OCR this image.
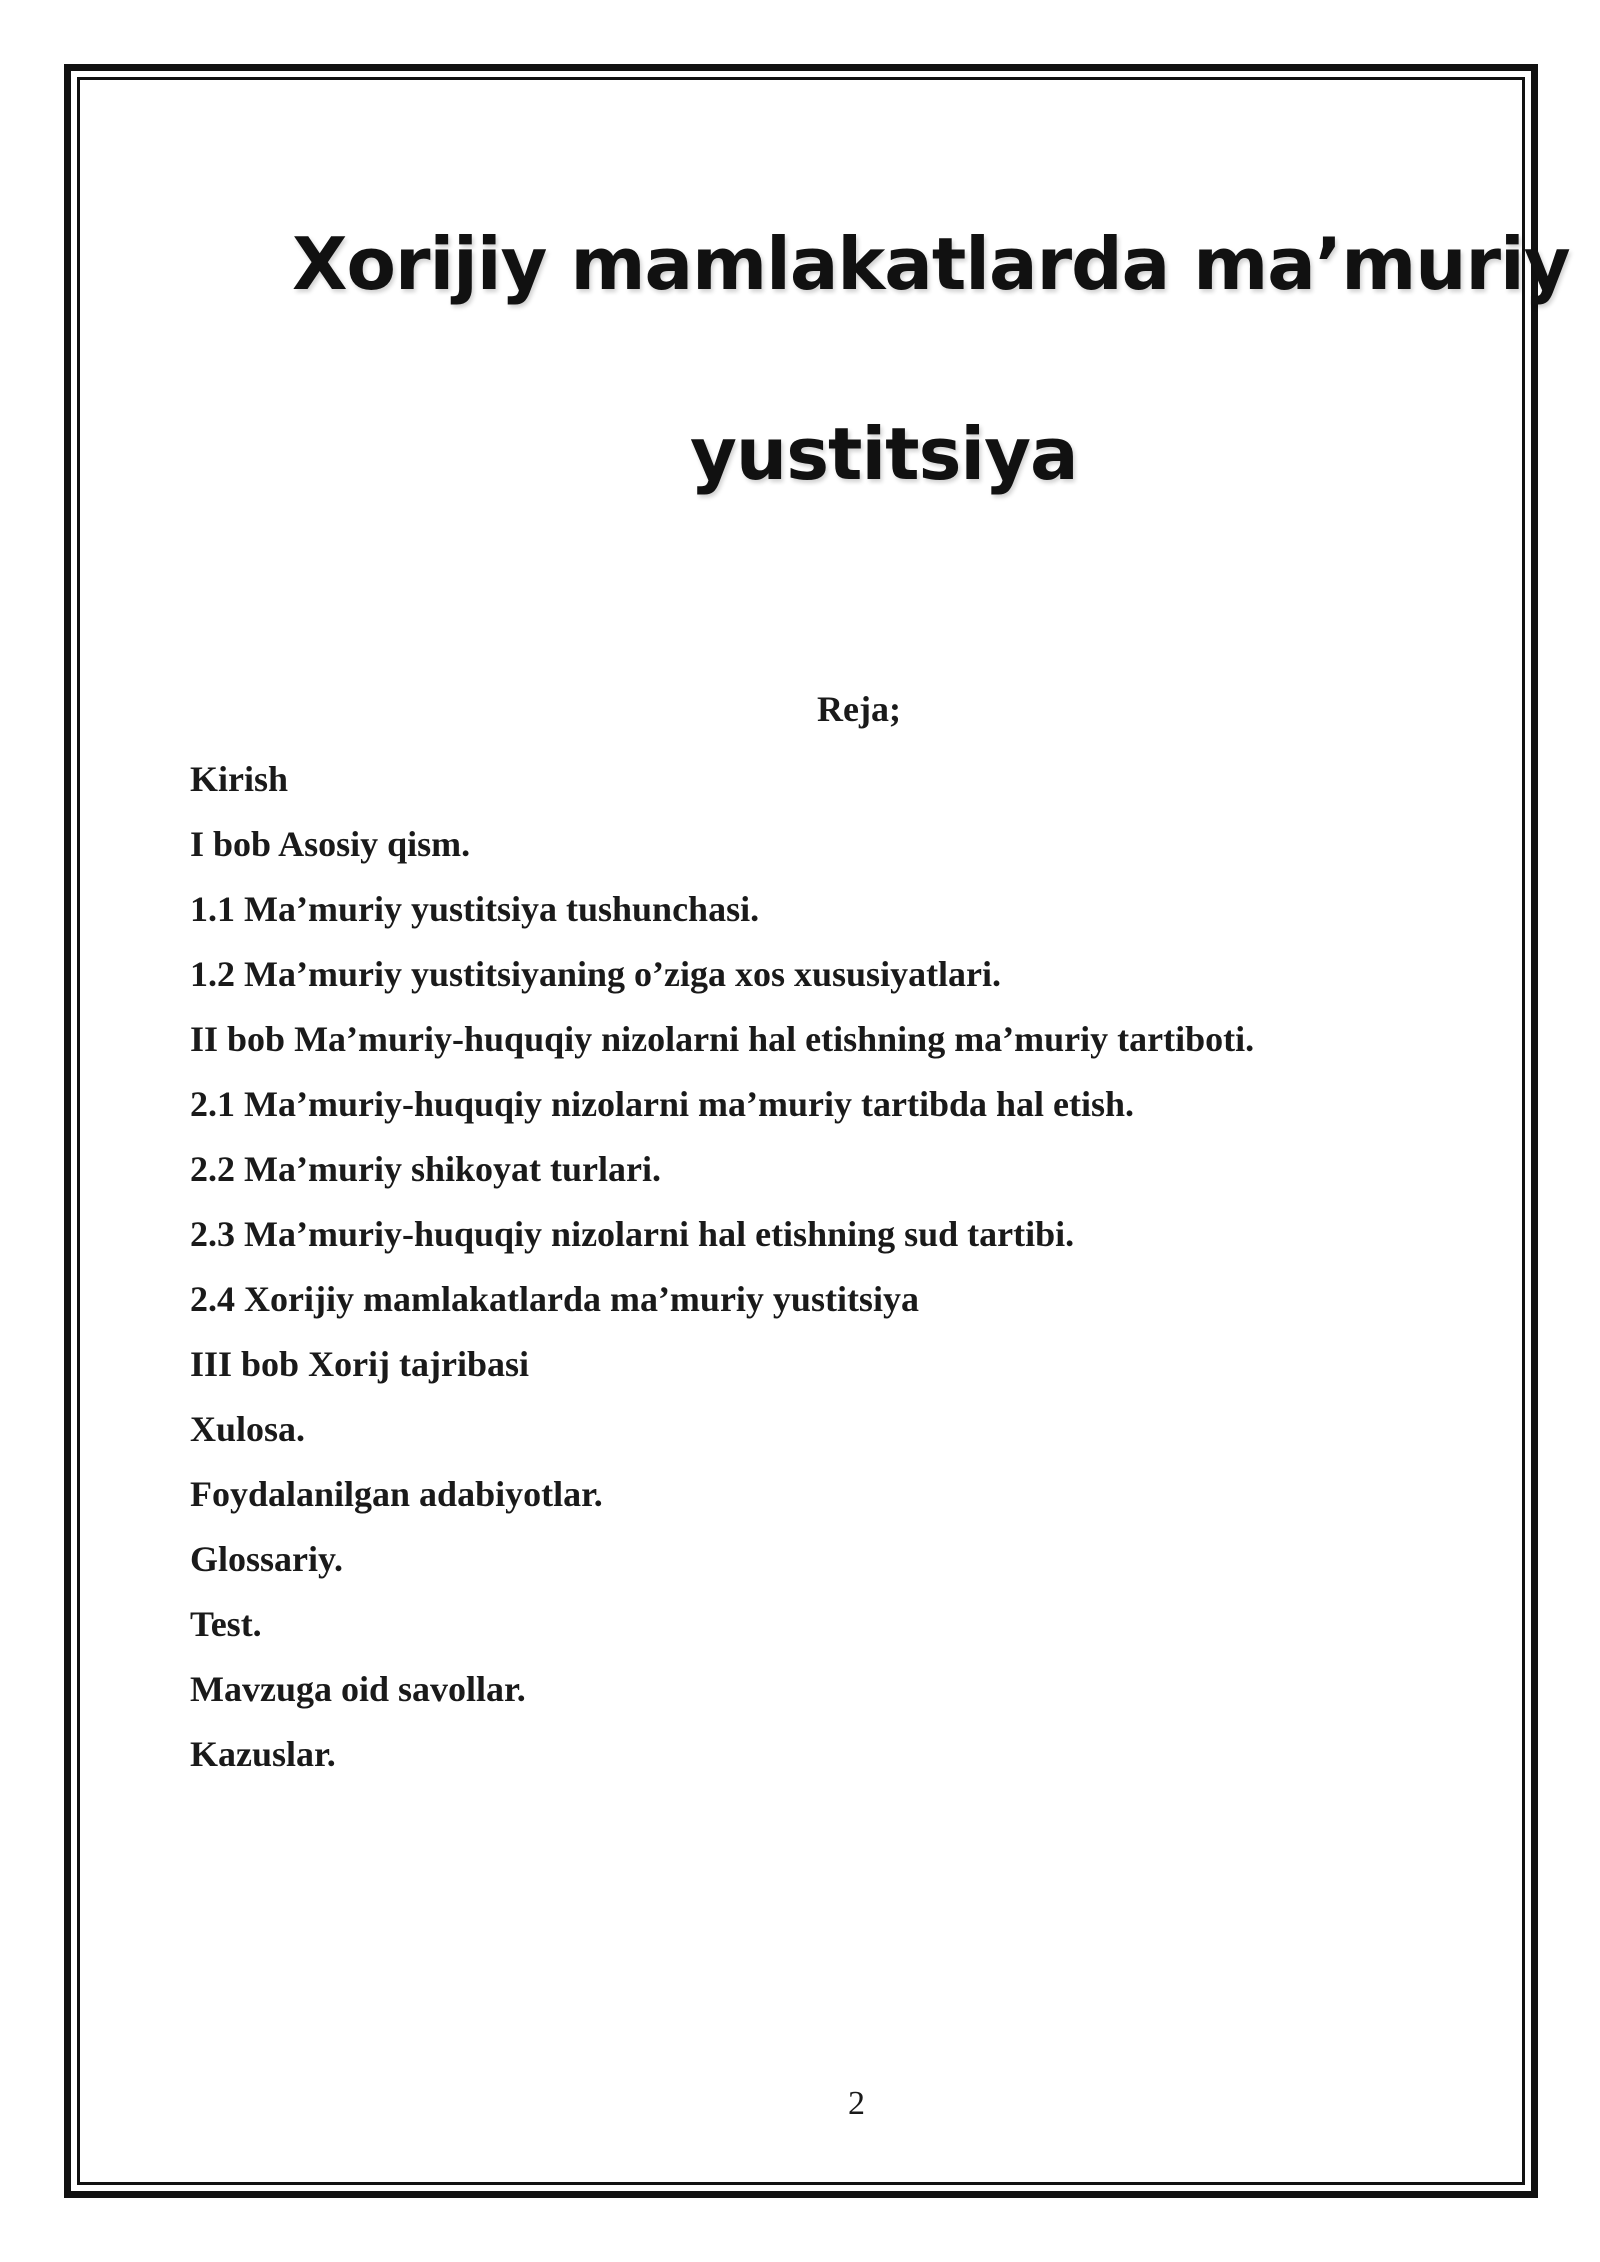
Xorijiy mamlakatlarda ma’muriy
yustitsiya
Reja;
Kirish
I bob Asosiy qism.
1.1 Ma’muriy yustitsiya tushunchasi.
1.2 Ma’muriy yustitsiyaning o’ziga xos xususiyatlari.
II bob Ma’muriy-huquqiy nizolarni hal etishning ma’muriy tartiboti.
2.1 Ma’muriy-huquqiy nizolarni ma’muriy tartibda hal etish.
2.2 Ma’muriy shikoyat turlari.
2.3 Ma’muriy-huquqiy nizolarni hal etishning sud tartibi.
2.4 Xorijiy mamlakatlarda ma’muriy yustitsiya
III bob Xorij tajribasi
Xulosa.
Foydalanilgan adabiyotlar.
Glossariy.
Test.
Mavzuga oid savollar.
Kazuslar.
2
